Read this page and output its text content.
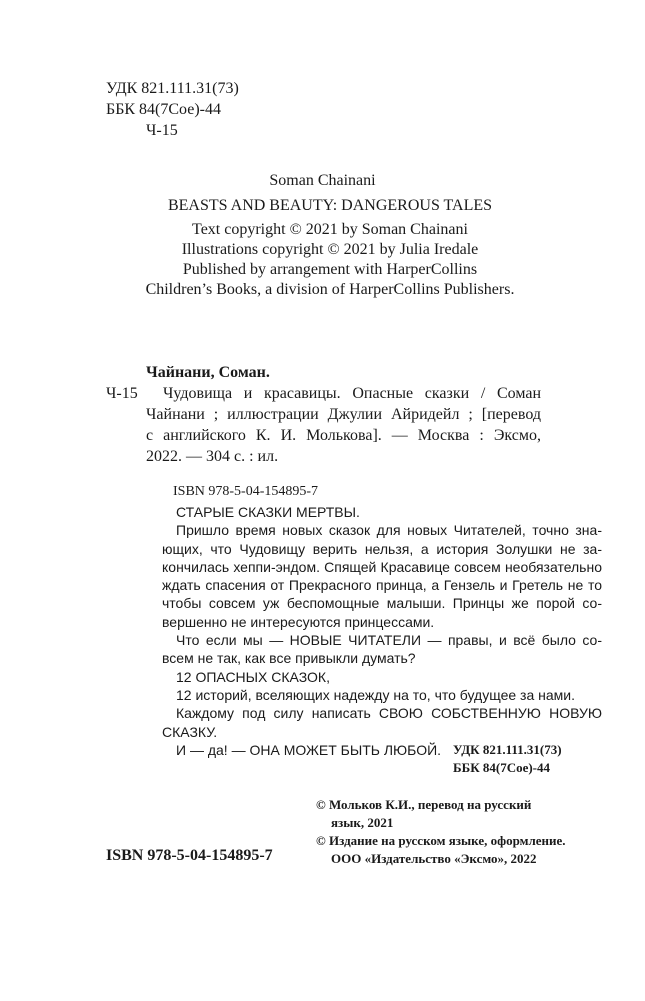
УДК 821.111.31(73)
ББК 84(7Сое)-44
Ч-15
Soman Chainani
BEASTS AND BEAUTY: DANGEROUS TALES
Text copyright © 2021 by Soman Chainani
Illustrations copyright © 2021 by Julia Iredale
Published by arrangement with HarperCollins
Children’s Books, a division of HarperCollins Publishers.
Чайнани, Соман.
Ч-15 Чудовища и красавицы. Опасные сказки / Соман
Чайнани ; иллюстрации Джулии Айридейл ; [перевод
с английского К. И. Молькова]. — Москва : Эксмо,
2022. — 304 с. : ил.
ISBN 978-5-04-154895-7
СТАРЫЕ СКАЗКИ МЕРТВЫ.
Пришло время новых сказок для новых Читателей, точно зна-
ющих, что Чудовищу верить нельзя, а история Золушки не за-
кончилась хеппи-эндом. Спящей Красавице совсем необязательно
ждать спасения от Прекрасного принца, а Гензель и Гретель не то
чтобы совсем уж беспомощные малыши. Принцы же порой со-
вершенно не интересуются принцессами.
Что если мы — НОВЫЕ ЧИТАТЕЛИ — правы, и всё было со-
всем не так, как все привыкли думать?
12 ОПАСНЫХ СКАЗОК,
12 историй, вселяющих надежду на то, что будущее за нами.
Каждому под силу написать СВОЮ СОБСТВЕННУЮ НОВУЮ
СКАЗКУ.
И — да! — ОНА МОЖЕТ БЫТЬ ЛЮБОЙ. УДК 821.111.31(73)
ББК 84(7Сое)-44
© Мольков К.И., перевод на русский
язык, 2021
© Издание на русском языке, оформление.
ООО «Издательство «Эксмо», 2022
ISBN 978-5-04-154895-7
